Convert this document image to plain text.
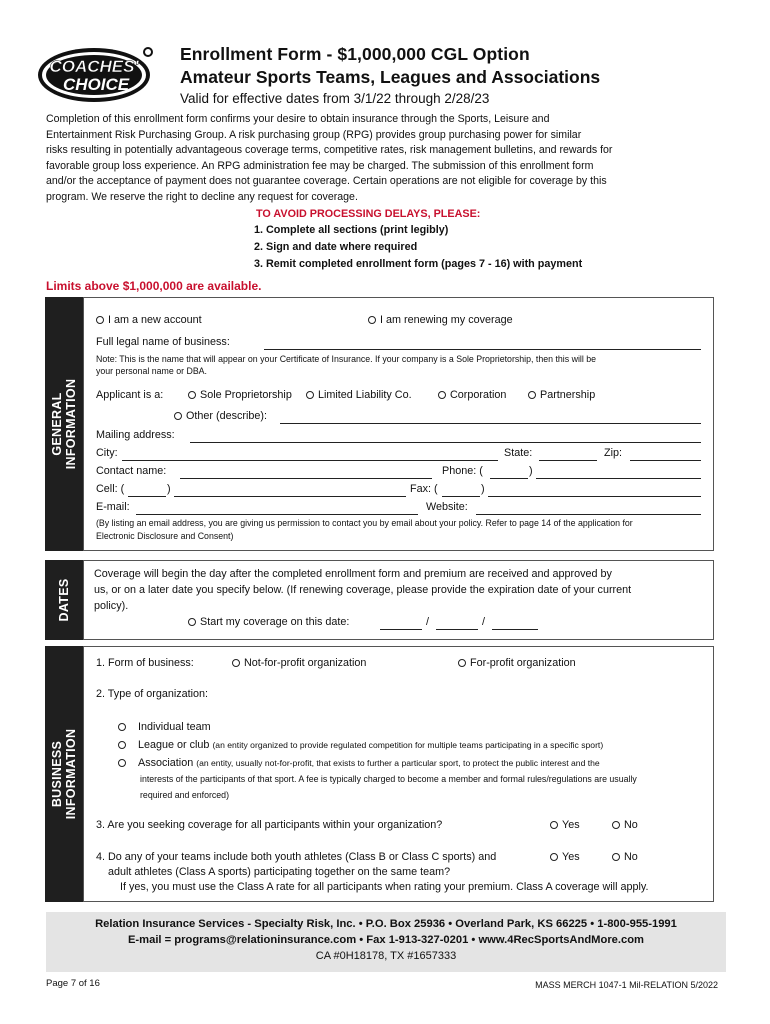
COACHES'
CHOICE
Enrollment Form - $1,000,000 CGL Option
Amateur Sports Teams, Leagues and Associations
Valid for effective dates from 3/1/22 through 2/28/23
Completion of this enrollment form confirms your desire to obtain insurance through the Sports, Leisure and
Entertainment Risk Purchasing Group. A risk purchasing group (RPG) provides group purchasing power for similar
risks resulting in potentially advantageous coverage terms, competitive rates, risk management bulletins, and rewards for
favorable group loss experience. An RPG administration fee may be charged. The submission of this enrollment form
and/or the acceptance of payment does not guarantee coverage. Certain operations are not eligible for coverage by this
program. We reserve the right to decline any request for coverage.
TO AVOID PROCESSING DELAYS, PLEASE:
1. Complete all sections (print legibly)
2. Sign and date where required
3. Remit completed enrollment form (pages 7 - 16) with payment
Limits above $1,000,000 are available.
GENERAL INFORMATION
I am a new account	I am renewing my coverage
Full legal name of business:
Note: This is the name that will appear on your Certificate of Insurance. If your company is a Sole Proprietorship, then this will be
your personal name or DBA.
Applicant is a:	Sole Proprietorship	Limited Liability Co.	Corporation	Partnership
Other (describe):
Mailing address:
City:	State:	Zip:
Contact name:	Phone: (	)
Cell: (	)	Fax: (	)
E-mail:	Website:
(By listing an email address, you are giving us permission to contact you by email about your policy. Refer to page 14 of the application for
Electronic Disclosure and Consent)
DATES
Coverage will begin the day after the completed enrollment form and premium are received and approved by
us, or on a later date you specify below. (If renewing coverage, please provide the expiration date of your current
policy).
Start my coverage on this date:	/	/
BUSINESS INFORMATION
1. Form of business:	Not-for-profit organization	For-profit organization
2. Type of organization:
Individual team
League or club (an entity organized to provide regulated competition for multiple teams participating in a specific sport)
Association (an entity, usually not-for-profit, that exists to further a particular sport, to protect the public interest and the
interests of the participants of that sport. A fee is typically charged to become a member and formal rules/regulations are usually
required and enforced)
3. Are you seeking coverage for all participants within your organization?	Yes	No
4. Do any of your teams include both youth athletes (Class B or Class C sports) and
adult athletes (Class A sports) participating together on the same team?
If yes, you must use the Class A rate for all participants when rating your premium. Class A coverage will apply.
Yes	No
Relation Insurance Services - Specialty Risk, Inc. • P.O. Box 25936 • Overland Park, KS 66225 • 1-800-955-1991
E-mail = programs@relationinsurance.com • Fax 1-913-327-0201 • www.4RecSportsAndMore.com
CA #0H18178, TX #1657333
Page 7 of 16	MASS MERCH 1047-1 Mil-RELATION 5/2022
